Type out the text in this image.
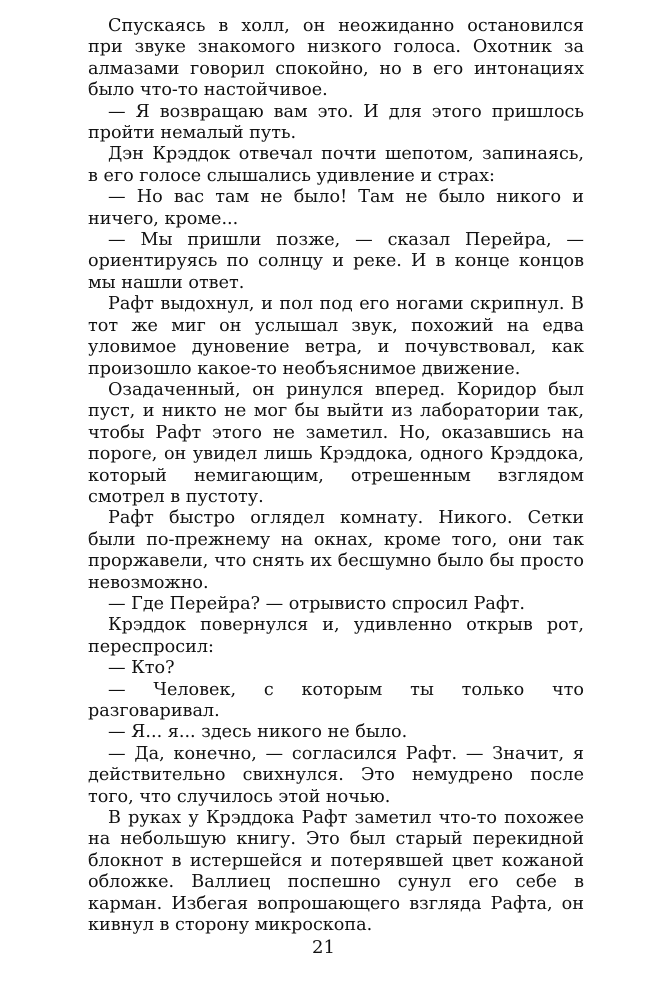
Спускаясь в холл, он неожиданно остановился при звуке знакомого низкого голоса. Охотник за алмазами говорил спокойно, но в его интонациях было что-то настойчивое.

— Я возвращаю вам это. И для этого пришлось пройти немалый путь.

Дэн Крэддок отвечал почти шепотом, запинаясь, в его голосе слышались удивление и страх:

— Но вас там не было! Там не было никого и ничего, кроме...

— Мы пришли позже, — сказал Перейра, — ориентируясь по солнцу и реке. И в конце концов мы нашли ответ.

Рафт выдохнул, и пол под его ногами скрипнул. В тот же миг он услышал звук, похожий на едва уловимое дуновение ветра, и почувствовал, как произошло какое-то необъяснимое движение.

Озадаченный, он ринулся вперед. Коридор был пуст, и никто не мог бы выйти из лаборатории так, чтобы Рафт этого не заметил. Но, оказавшись на пороге, он увидел лишь Крэддока, одного Крэддока, который немигающим, отрешенным взглядом смотрел в пустоту.

Рафт быстро оглядел комнату. Никого. Сетки были по-прежнему на окнах, кроме того, они так проржавели, что снять их бесшумно было бы просто невозможно.

— Где Перейра? — отрывисто спросил Рафт.

Крэддок повернулся и, удивленно открыв рот, переспросил:

— Кто?

— Человек, с которым ты только что разговаривал.

— Я... я... здесь никого не было.

— Да, конечно, — согласился Рафт. — Значит, я действительно свихнулся. Это немудрено после того, что случилось этой ночью.

В руках у Крэддока Рафт заметил что-то похожее на небольшую книгу. Это был старый перекидной блокнот в истершейся и потерявшей цвет кожаной обложке. Валлиец поспешно сунул его себе в карман. Избегая вопрошающего взгляда Рафта, он кивнул в сторону микроскопа.

21
